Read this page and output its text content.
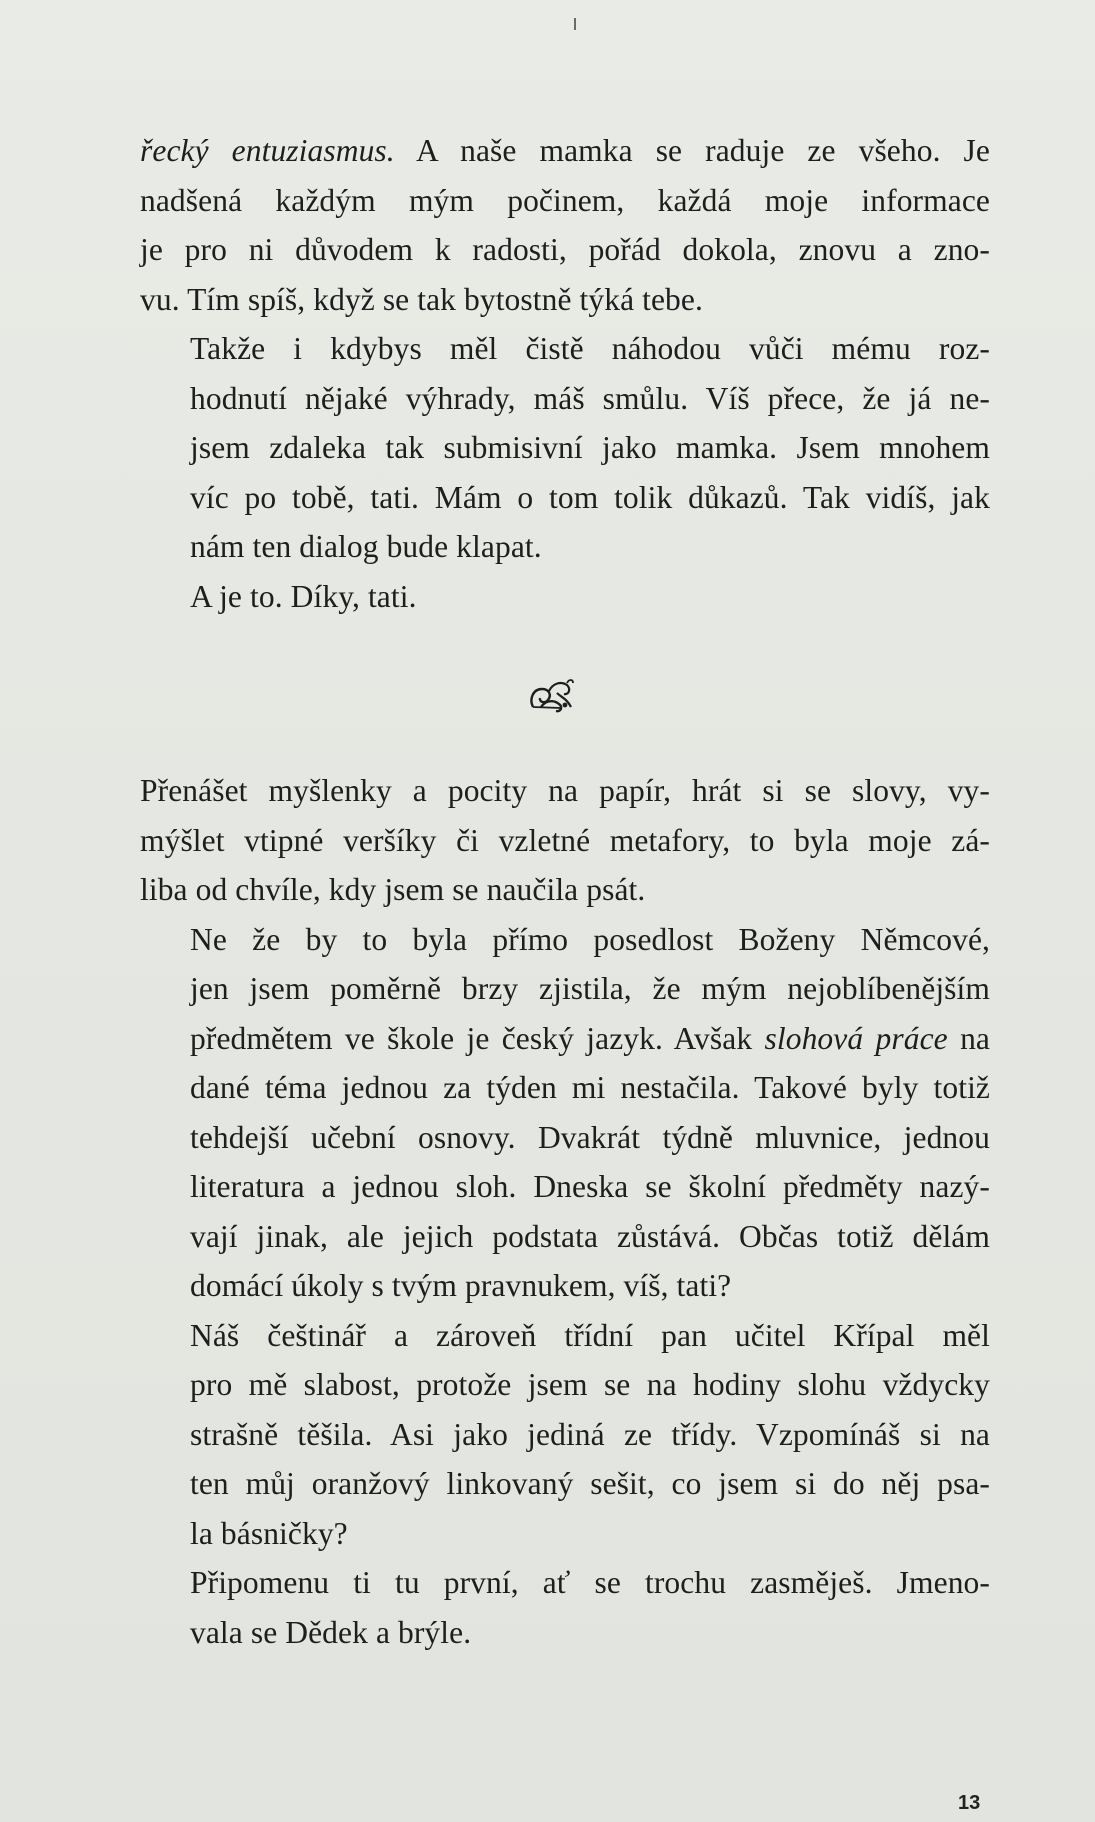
řecký entuziasmus. A naše mamka se raduje ze všeho. Je
nadšená každým mým počinem, každá moje informace
je pro ni důvodem k radosti, pořád dokola, znovu a zno-
vu. Tím spíš, když se tak bytostně týká tebe.

Takže i kdybys měl čistě náhodou vůči mému roz-
hodnutí nějaké výhrady, máš smůlu. Víš přece, že já ne-
jsem zdaleka tak submisivní jako mamka. Jsem mnohem
víc po tobě, tati. Mám o tom tolik důkazů. Tak vidíš, jak
nám ten dialog bude klapat.

A je to. Díky, tati.

Přenášet myšlenky a pocity na papír, hrát si se slovy, vy-
mýšlet vtipné veršíky či vzletné metafory, to byla moje zá-
liba od chvíle, kdy jsem se naučila psát.

Ne že by to byla přímo posedlost Boženy Němcové,
jen jsem poměrně brzy zjistila, že mým nejoblíbenějším
předmětem ve škole je český jazyk. Avšak slohová práce na
dané téma jednou za týden mi nestačila. Takové byly totiž
tehdejší učební osnovy. Dvakrát týdně mluvnice, jednou
literatura a jednou sloh. Dneska se školní předměty nazý-
vají jinak, ale jejich podstata zůstává. Občas totiž dělám
domácí úkoly s tvým pravnukem, víš, tati?

Náš češtinář a zároveň třídní pan učitel Křípal měl
pro mě slabost, protože jsem se na hodiny slohu vždycky
strašně těšila. Asi jako jediná ze třídy. Vzpomínáš si na
ten můj oranžový linkovaný sešit, co jsem si do něj psa-
la básničky?

Připomenu ti tu první, ať se trochu zasměješ. Jmeno-
vala se Dědek a brýle.

13
